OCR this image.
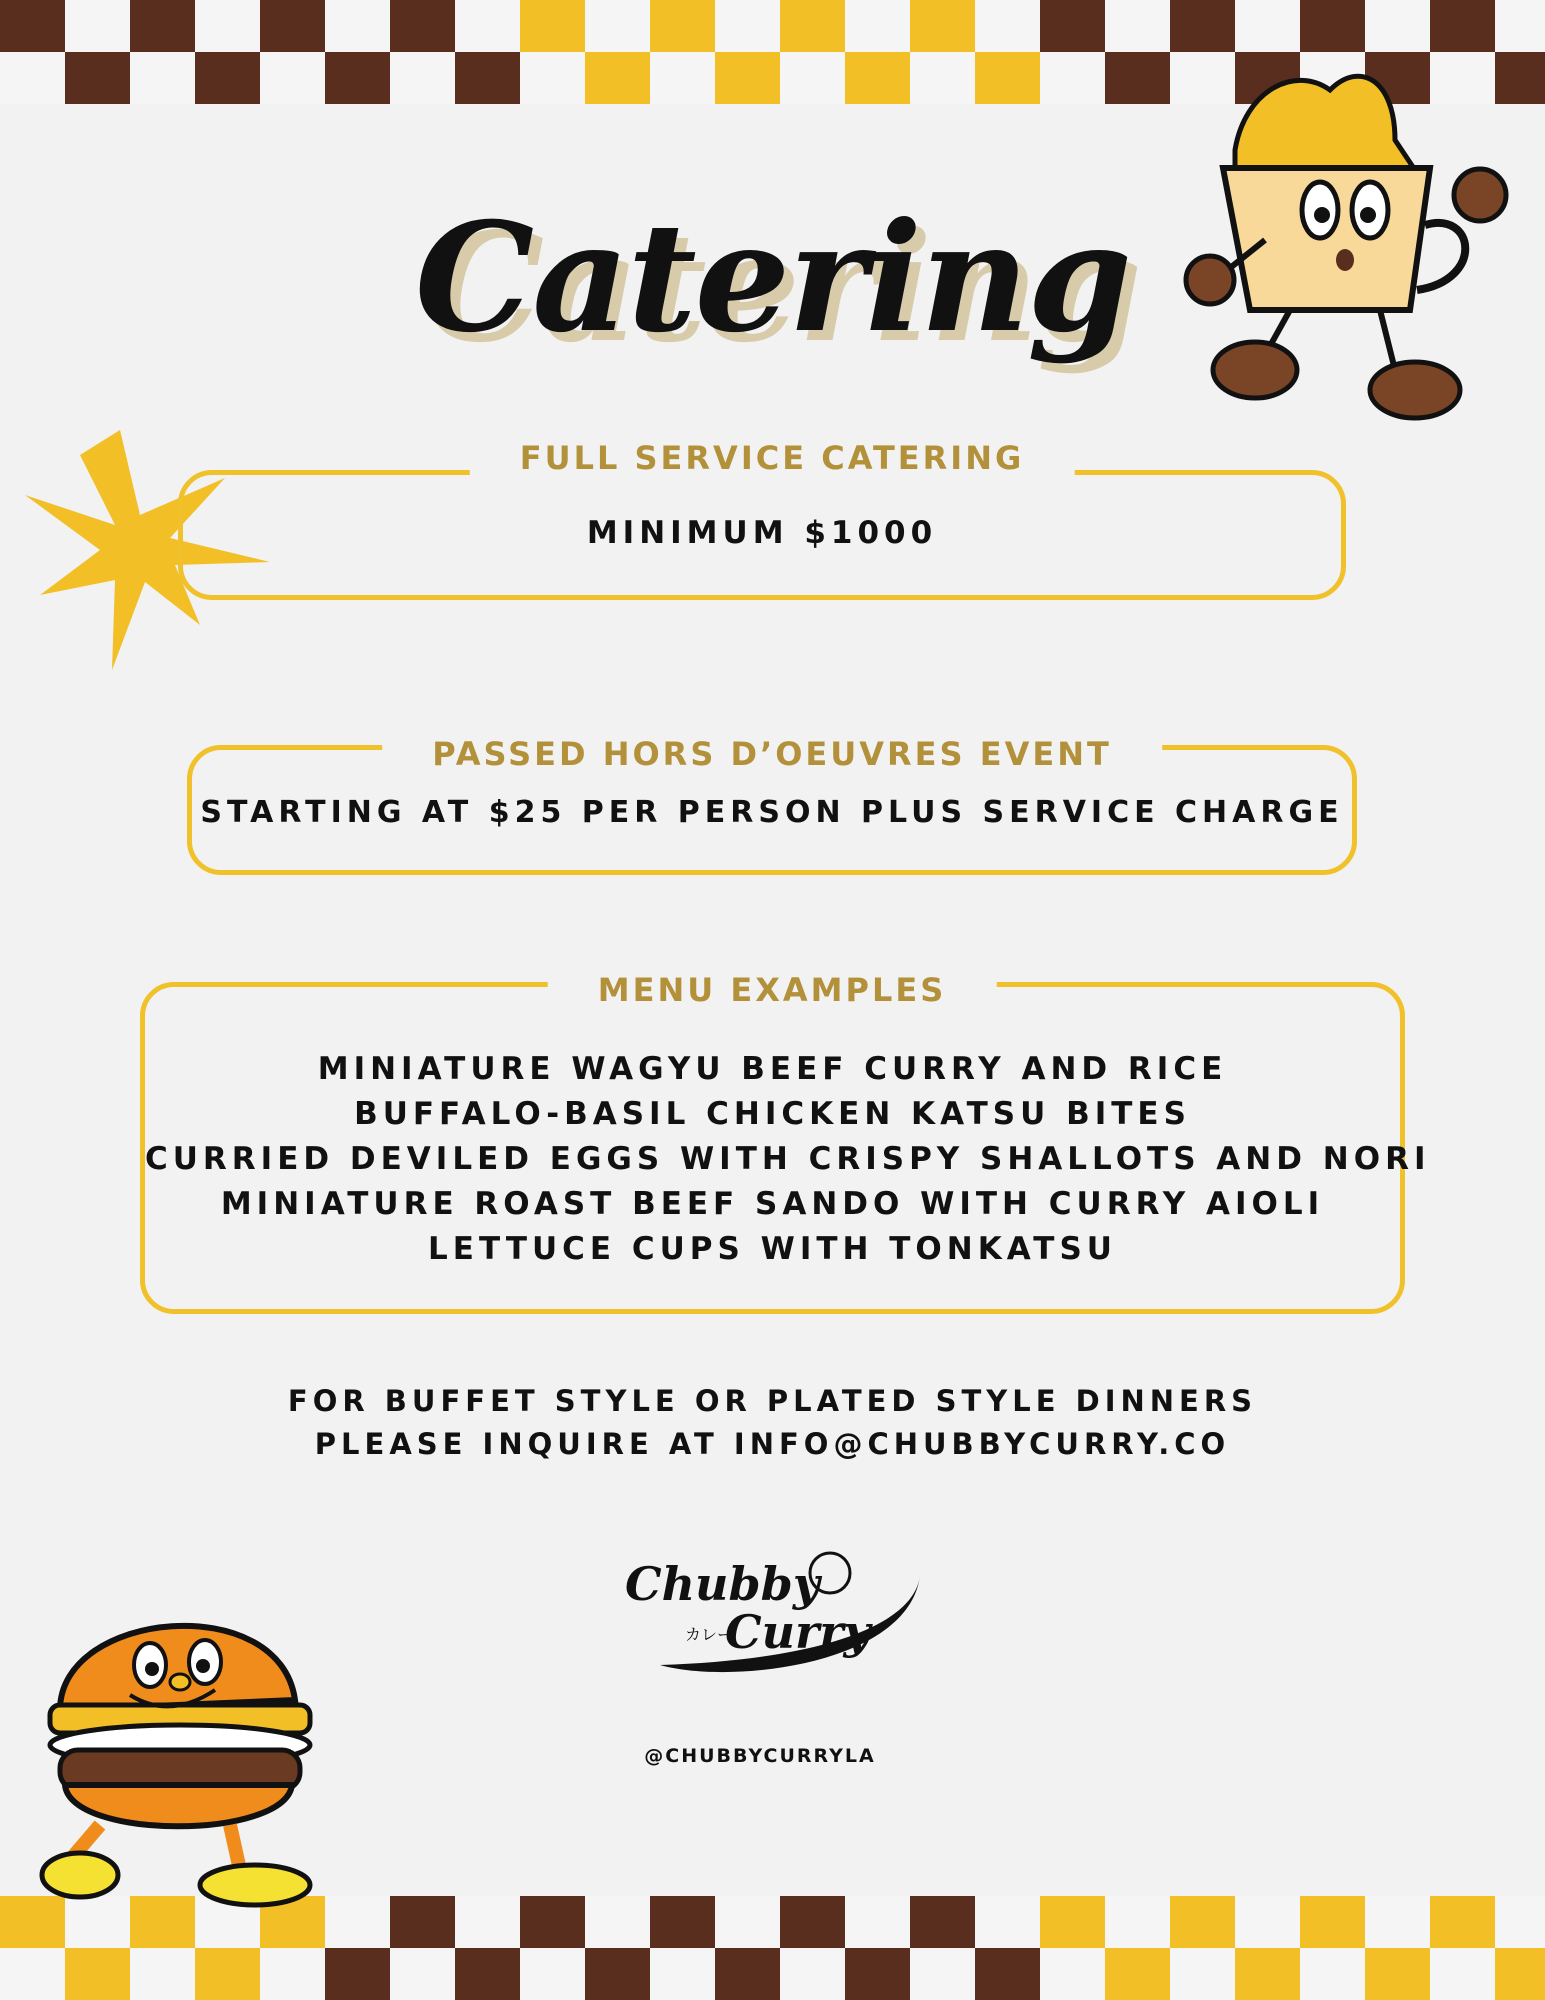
Catering
MINIMUM $1000
FULL SERVICE CATERING
STARTING AT $25 PER PERSON PLUS SERVICE CHARGE
PASSED HORS D’OEUVRES EVENT
MINIATURE WAGYU BEEF CURRY AND RICE
BUFFALO-BASIL CHICKEN KATSU BITES
CURRIED DEVILED EGGS WITH CRISPY SHALLOTS AND NORI
MINIATURE ROAST BEEF SANDO WITH CURRY AIOLI
LETTUCE CUPS WITH TONKATSU
MENU EXAMPLES
FOR BUFFET STYLE OR PLATED STYLE DINNERS
PLEASE INQUIRE AT INFO@CHUBBYCURRY.CO
Chubby
Curry
カレー
@CHUBBYCURRYLA
